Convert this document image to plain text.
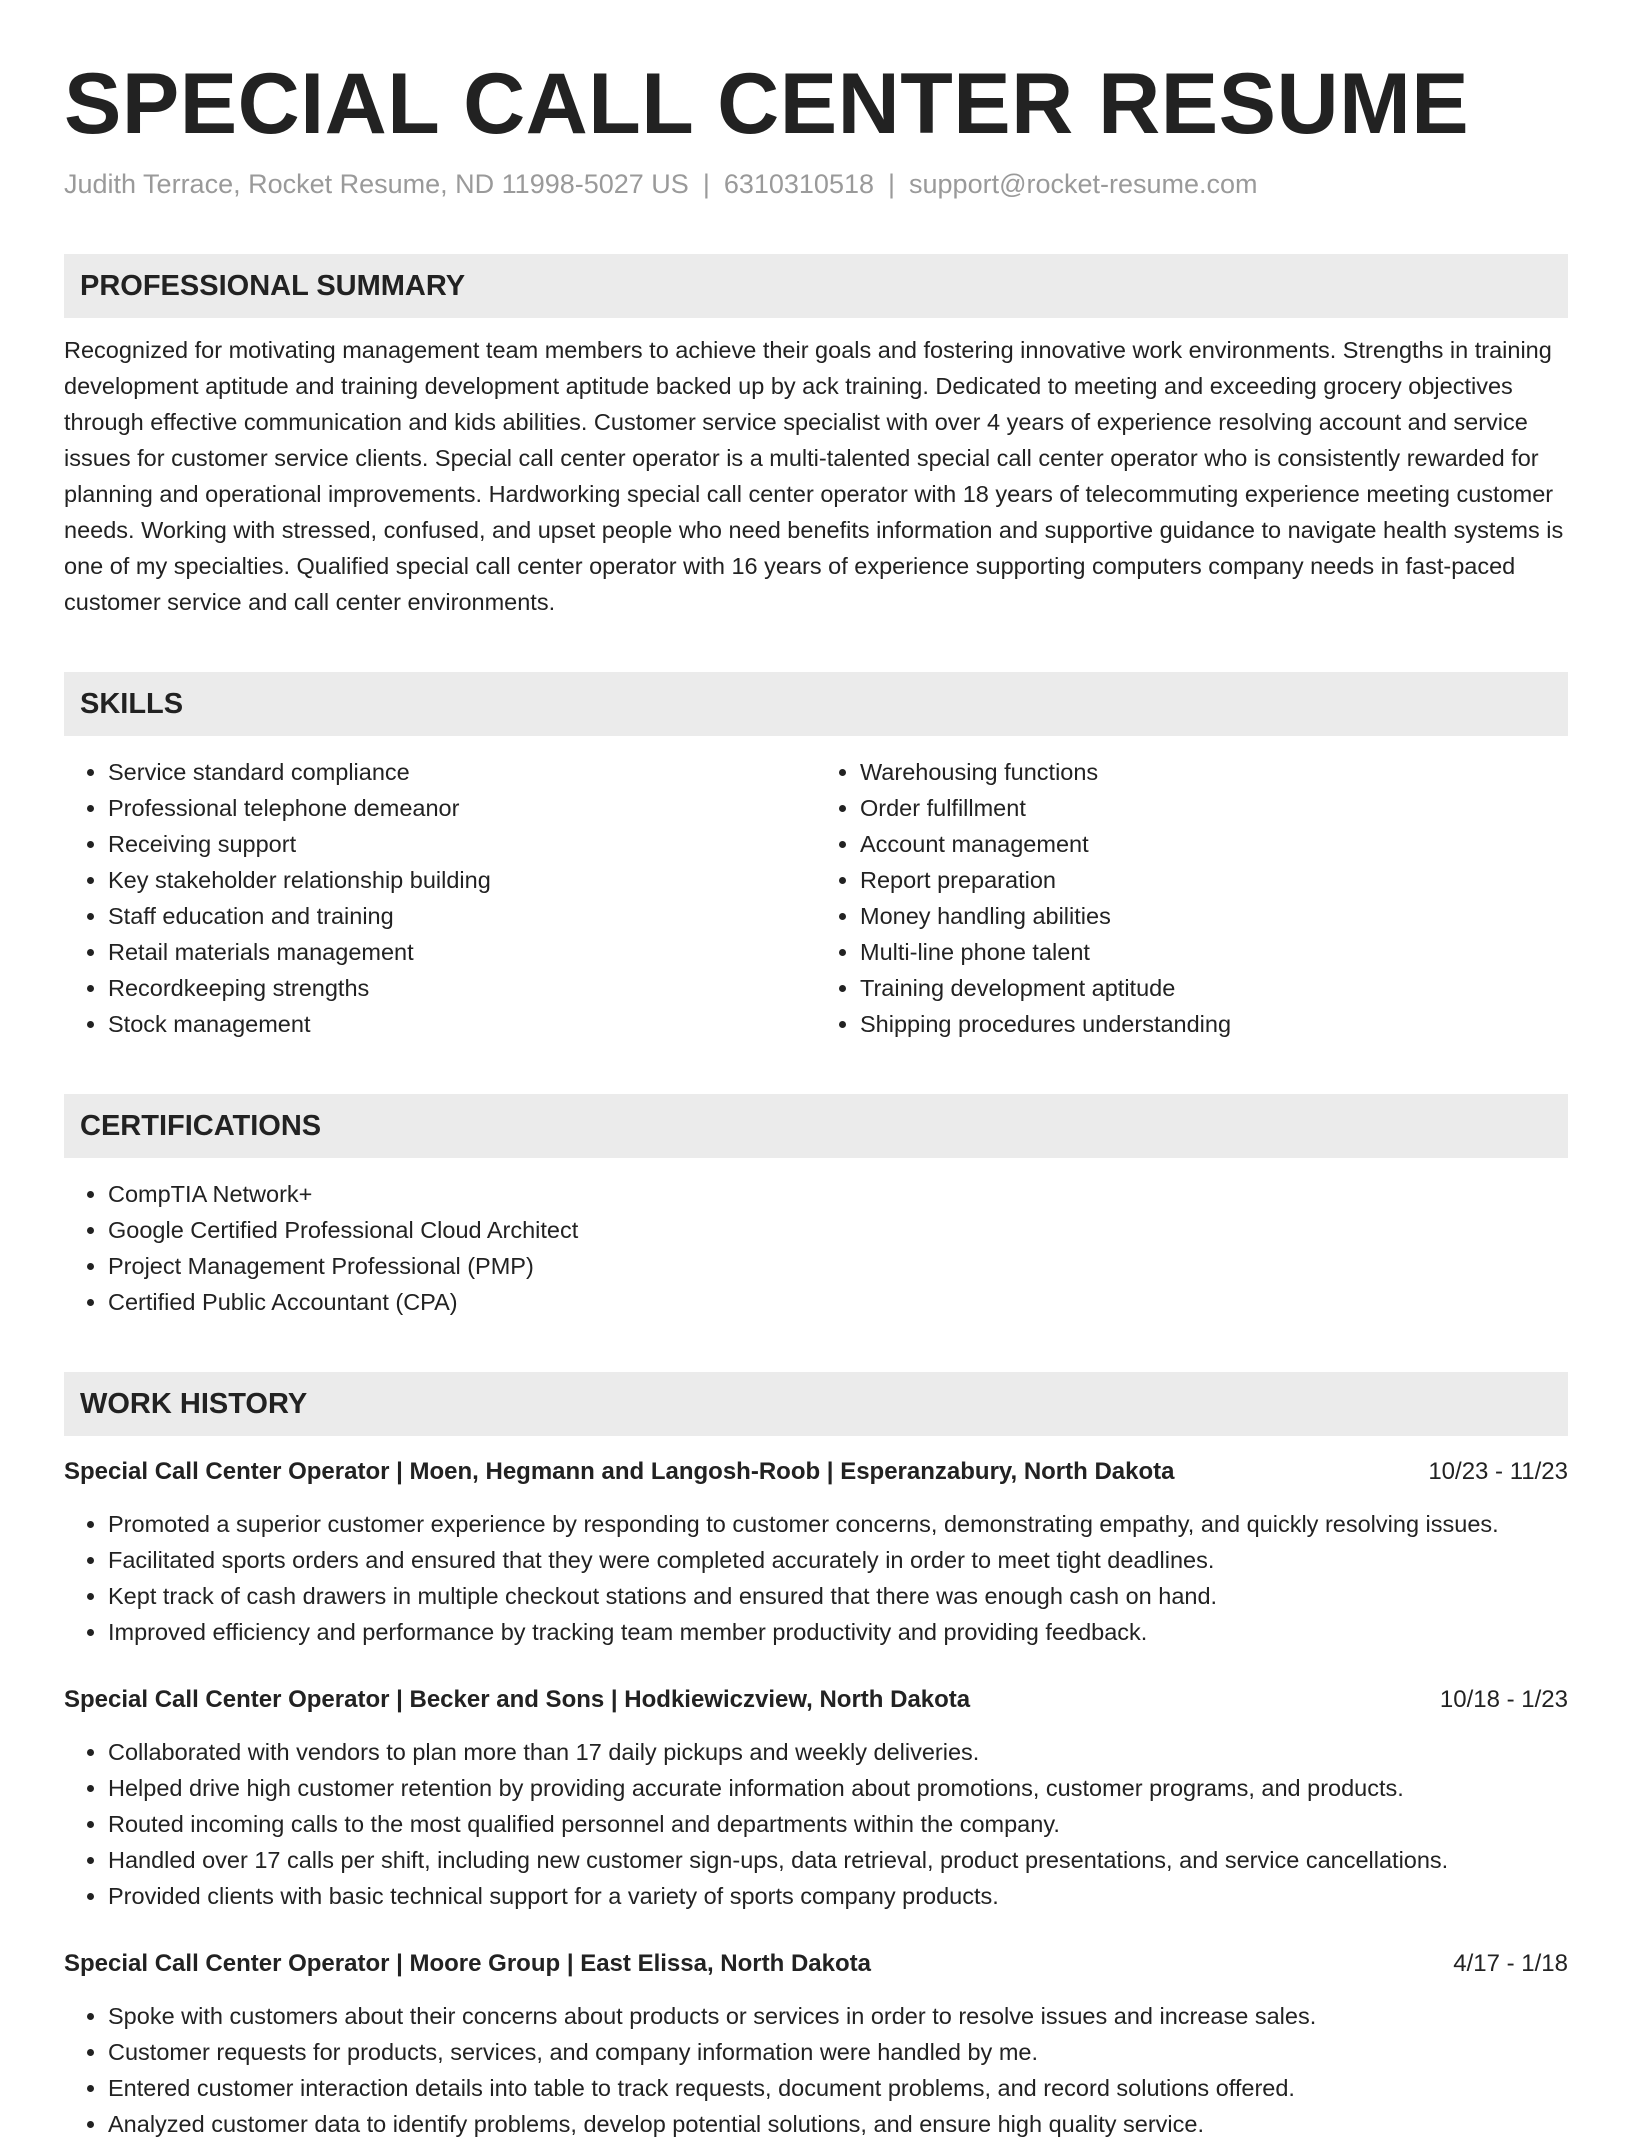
SPECIAL CALL CENTER RESUME
Judith Terrace, Rocket Resume, ND 11998-5027 US | 6310310518 | support@rocket-resume.com
PROFESSIONAL SUMMARY

Recognized for motivating management team members to achieve their goals and fostering innovative work environments. Strengths in training development aptitude and training development aptitude backed up by ack training. Dedicated to meeting and exceeding grocery objectives through effective communication and kids abilities. Customer service specialist with over 4 years of experience resolving account and service issues for customer service clients. Special call center operator is a multi-talented special call center operator who is consistently rewarded for planning and operational improvements. Hardworking special call center operator with 18 years of telecommuting experience meeting customer needs. Working with stressed, confused, and upset people who need benefits information and supportive guidance to navigate health systems is one of my specialties. Qualified special call center operator with 16 years of experience supporting computers company needs in fast-paced customer service and call center environments.

SKILLS
• Service standard compliance
• Professional telephone demeanor
• Receiving support
• Key stakeholder relationship building
• Staff education and training
• Retail materials management
• Recordkeeping strengths
• Stock management
• Warehousing functions
• Order fulfillment
• Account management
• Report preparation
• Money handling abilities
• Multi-line phone talent
• Training development aptitude
• Shipping procedures understanding
CERTIFICATIONS
• CompTIA Network+
• Google Certified Professional Cloud Architect
• Project Management Professional (PMP)
• Certified Public Accountant (CPA)
WORK HISTORY
Special Call Center Operator | Moen, Hegmann and Langosh-Roob | Esperanzabury, North Dakota	10/23 - 11/23
• Promoted a superior customer experience by responding to customer concerns, demonstrating empathy, and quickly resolving issues.
• Facilitated sports orders and ensured that they were completed accurately in order to meet tight deadlines.
• Kept track of cash drawers in multiple checkout stations and ensured that there was enough cash on hand.
• Improved efficiency and performance by tracking team member productivity and providing feedback.
Special Call Center Operator | Becker and Sons | Hodkiewiczview, North Dakota	10/18 - 1/23
• Collaborated with vendors to plan more than 17 daily pickups and weekly deliveries.
• Helped drive high customer retention by providing accurate information about promotions, customer programs, and products.
• Routed incoming calls to the most qualified personnel and departments within the company.
• Handled over 17 calls per shift, including new customer sign-ups, data retrieval, product presentations, and service cancellations.
• Provided clients with basic technical support for a variety of sports company products.
Special Call Center Operator | Moore Group | East Elissa, North Dakota	4/17 - 1/18
• Spoke with customers about their concerns about products or services in order to resolve issues and increase sales.
• Customer requests for products, services, and company information were handled by me.
• Entered customer interaction details into table to track requests, document problems, and record solutions offered.
• Analyzed customer data to identify problems, develop potential solutions, and ensure high quality service.
